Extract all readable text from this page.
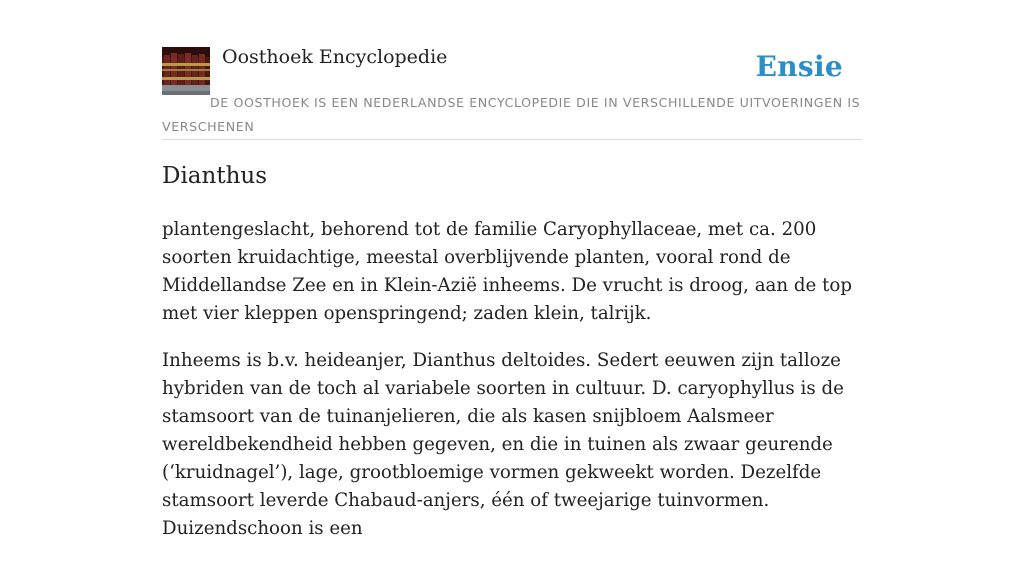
Oosthoek Encyclopedie	Ensie
DE OOSTHOEK IS EEN NEDERLANDSE ENCYCLOPEDIE DIE IN VERSCHILLENDE UITVOERINGEN IS VERSCHENEN
Dianthus

plantengeslacht, behorend tot de familie Caryophyllaceae, met ca. 200 soorten kruidachtige, meestal overblijvende planten, vooral rond de Middellandse Zee en in Klein-Azië inheems. De vrucht is droog, aan de top met vier kleppen openspringend; zaden klein, talrijk.

Inheems is b.v. heideanjer, Dianthus deltoides. Sedert eeuwen zijn talloze hybriden van de toch al variabele soorten in cultuur. D. caryophyllus is de stamsoort van de tuinanjelieren, die als kasen snijbloem Aalsmeer wereldbekendheid hebben gegeven, en die in tuinen als zwaar geurende (‘kruidnagel’), lage, grootbloemige vormen gekweekt worden. Dezelfde stamsoort leverde Chabaud-anjers, één of tweejarige tuinvormen. Duizendschoon is een
